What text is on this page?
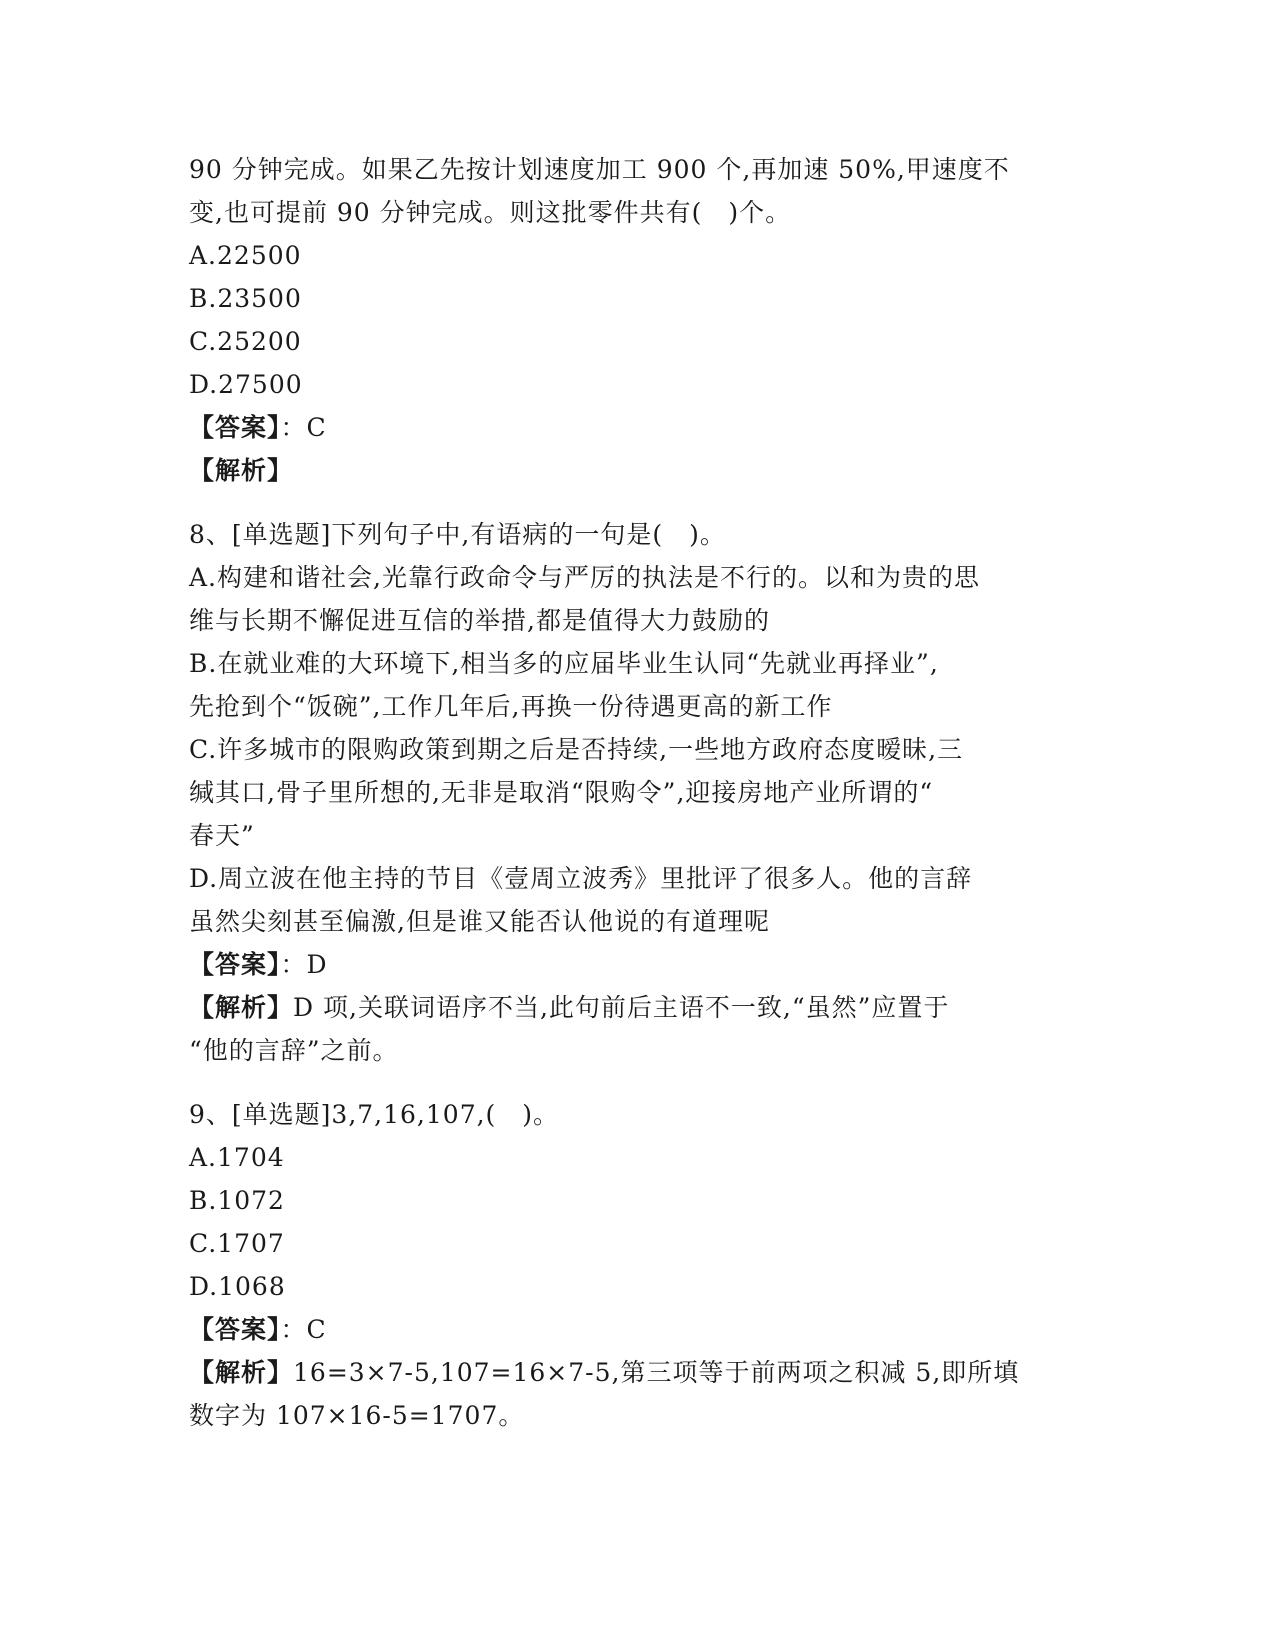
90 分钟完成。如果乙先按计划速度加工 900 个,再加速 50%,甲速度不
变,也可提前 90 分钟完成。则这批零件共有(　)个。
A.22500
B.23500
C.25200
D.27500
【答案】：C
【解析】
8、[单选题]下列句子中,有语病的一句是(　)。
A.构建和谐社会,光靠行政命令与严厉的执法是不行的。以和为贵的思
维与长期不懈促进互信的举措,都是值得大力鼓励的
B.在就业难的大环境下,相当多的应届毕业生认同“先就业再择业”,
先抢到个“饭碗”,工作几年后,再换一份待遇更高的新工作
C.许多城市的限购政策到期之后是否持续,一些地方政府态度暧昧,三
缄其口,骨子里所想的,无非是取消“限购令”,迎接房地产业所谓的“
春天”
D.周立波在他主持的节目《壹周立波秀》里批评了很多人。他的言辞
虽然尖刻甚至偏激,但是谁又能否认他说的有道理呢
【答案】：D
【解析】D 项,关联词语序不当,此句前后主语不一致,“虽然”应置于
“他的言辞”之前。
9、[单选题]3,7,16,107,(　)。
A.1704
B.1072
C.1707
D.1068
【答案】：C
【解析】16=3×7-5,107=16×7-5,第三项等于前两项之积减 5,即所填
数字为 107×16-5=1707。
